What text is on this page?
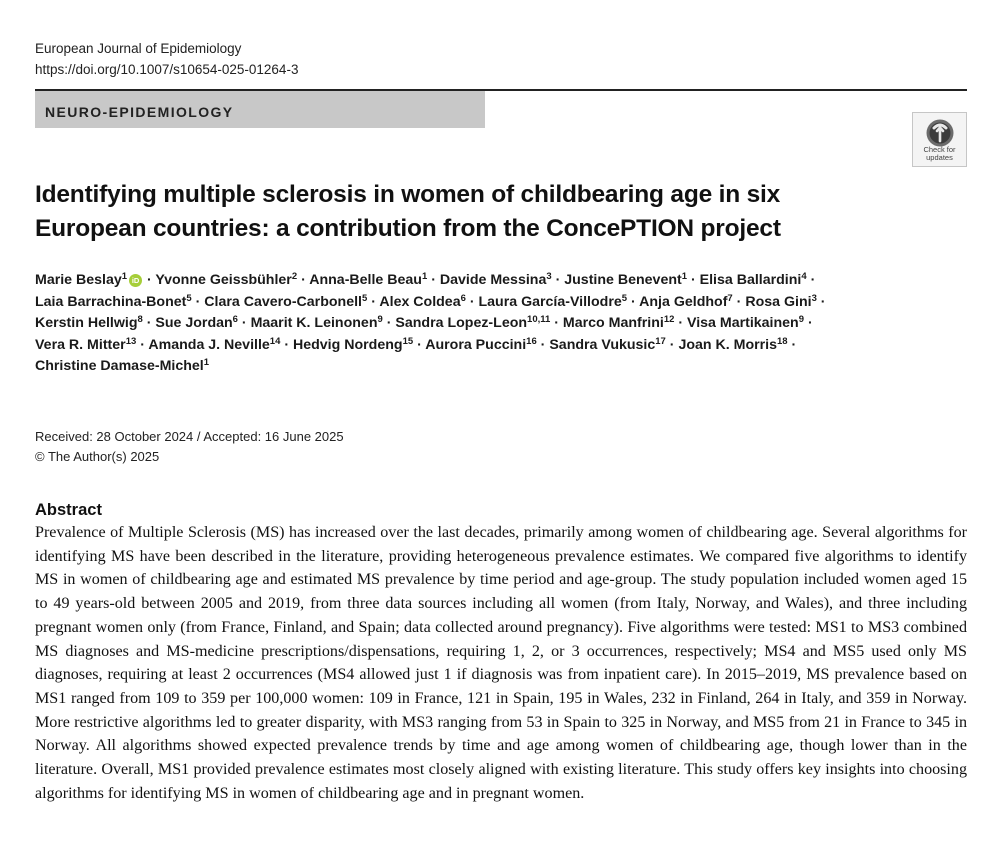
European Journal of Epidemiology
https://doi.org/10.1007/s10654-025-01264-3
NEURO-EPIDEMIOLOGY
Check for
updates
Identifying multiple sclerosis in women of childbearing age in six
European countries: a contribution from the ConcePTION project
Marie Beslay$^1$ iD · Yvonne Geissbühler$^2$ · Anna-Belle Beau$^1$ · Davide Messina$^3$ · Justine Benevent$^1$ · Elisa Ballardini$^4$ ·
Laia Barrachina-Bonet$^5$ · Clara Cavero-Carbonell$^5$ · Alex Coldea$^6$ · Laura García-Villodre$^5$ · Anja Geldhof$^7$ · Rosa Gini$^3$ ·
Kerstin Hellwig$^8$ · Sue Jordan$^6$ · Maarit K. Leinonen$^9$ · Sandra Lopez-Leon$^{10,11}$ · Marco Manfrini$^{12}$ · Visa Martikainen$^9$ ·
Vera R. Mitter$^{13}$ · Amanda J. Neville$^{14}$ · Hedvig Nordeng$^{15}$ · Aurora Puccini$^{16}$ · Sandra Vukusic$^{17}$ · Joan K. Morris$^{18}$ ·
Christine Damase-Michel$^1$
Received: 28 October 2024 / Accepted: 16 June 2025
© The Author(s) 2025
Abstract

Prevalence of Multiple Sclerosis (MS) has increased over the last decades, primarily among women of childbearing age. Several algorithms for identifying MS have been described in the literature, providing heterogeneous prevalence estimates. We compared five algorithms to identify MS in women of childbearing age and estimated MS prevalence by time period and age-group. The study population included women aged 15 to 49 years-old between 2005 and 2019, from three data sources including all women (from Italy, Norway, and Wales), and three including pregnant women only (from France, Finland, and Spain; data collected around pregnancy). Five algorithms were tested: MS1 to MS3 combined MS diagnoses and MS-medicine prescriptions/dispensations, requiring 1, 2, or 3 occurrences, respectively; MS4 and MS5 used only MS diagnoses, requiring at least 2 occurrences (MS4 allowed just 1 if diagnosis was from inpatient care). In 2015–2019, MS prevalence based on MS1 ranged from 109 to 359 per 100,000 women: 109 in France, 121 in Spain, 195 in Wales, 232 in Finland, 264 in Italy, and 359 in Norway. More restrictive algorithms led to greater disparity, with MS3 ranging from 53 in Spain to 325 in Norway, and MS5 from 21 in France to 345 in Norway. All algorithms showed expected prevalence trends by time and age among women of childbearing age, though lower than in the literature. Overall, MS1 provided prevalence estimates most closely aligned with existing literature. This study offers key insights into choosing algorithms for identifying MS in women of childbearing age and in pregnant women.
